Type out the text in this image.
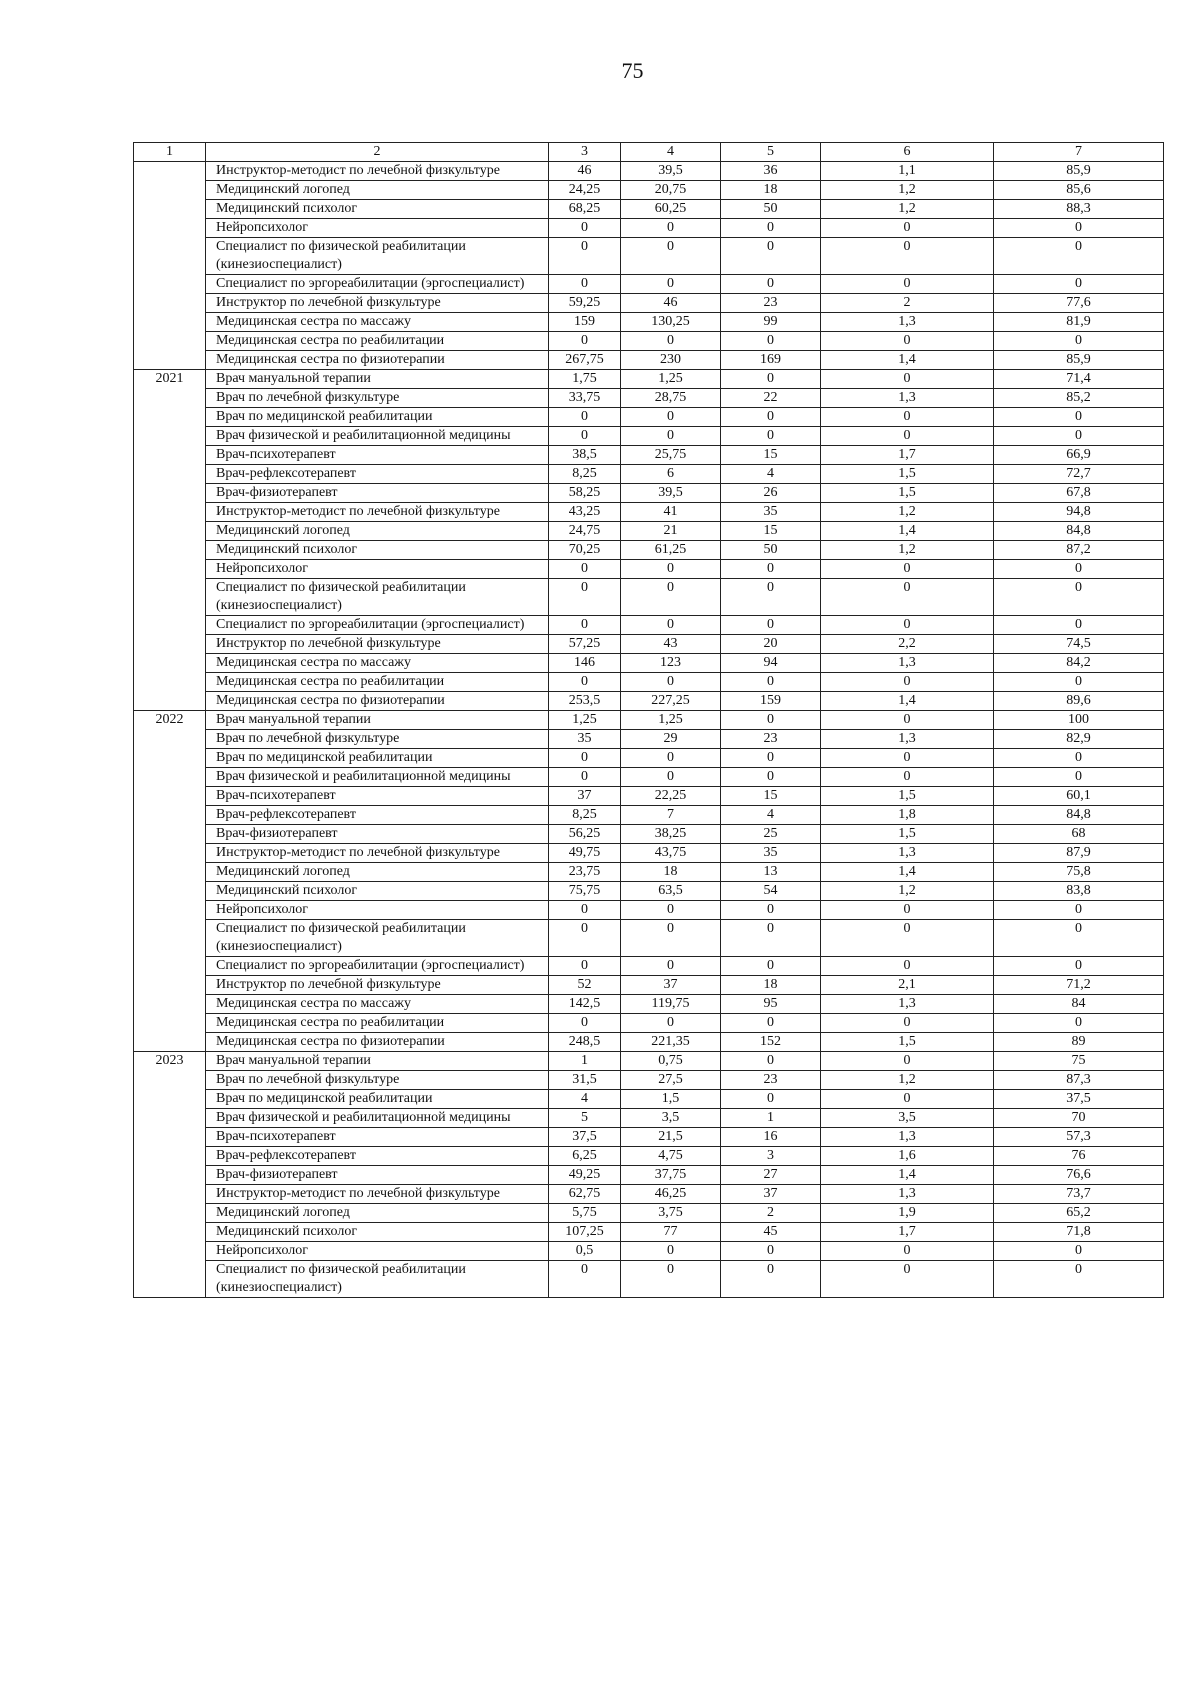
75
1	2	3	4	5	6	7
	Инструктор-методист по лечебной физкультуре	46	39,5	36	1,1	85,9
	Медицинский логопед	24,25	20,75	18	1,2	85,6
	Медицинский психолог	68,25	60,25	50	1,2	88,3
	Нейропсихолог	0	0	0	0	0
	Специалист по физической реабилитации (кинезиоспециалист)	0	0	0	0	0
	Специалист по эргореабилитации (эргоспециалист)	0	0	0	0	0
	Инструктор по лечебной физкультуре	59,25	46	23	2	77,6
	Медицинская сестра по массажу	159	130,25	99	1,3	81,9
	Медицинская сестра по реабилитации	0	0	0	0	0
	Медицинская сестра по физиотерапии	267,75	230	169	1,4	85,9
2021	Врач мануальной терапии	1,75	1,25	0	0	71,4
	Врач по лечебной физкультуре	33,75	28,75	22	1,3	85,2
	Врач по медицинской реабилитации	0	0	0	0	0
	Врач физической и реабилитационной медицины	0	0	0	0	0
	Врач-психотерапевт	38,5	25,75	15	1,7	66,9
	Врач-рефлексотерапевт	8,25	6	4	1,5	72,7
	Врач-физиотерапевт	58,25	39,5	26	1,5	67,8
	Инструктор-методист по лечебной физкультуре	43,25	41	35	1,2	94,8
	Медицинский логопед	24,75	21	15	1,4	84,8
	Медицинский психолог	70,25	61,25	50	1,2	87,2
	Нейропсихолог	0	0	0	0	0
	Специалист по физической реабилитации (кинезиоспециалист)	0	0	0	0	0
	Специалист по эргореабилитации (эргоспециалист)	0	0	0	0	0
	Инструктор по лечебной физкультуре	57,25	43	20	2,2	74,5
	Медицинская сестра по массажу	146	123	94	1,3	84,2
	Медицинская сестра по реабилитации	0	0	0	0	0
	Медицинская сестра по физиотерапии	253,5	227,25	159	1,4	89,6
2022	Врач мануальной терапии	1,25	1,25	0	0	100
	Врач по лечебной физкультуре	35	29	23	1,3	82,9
	Врач по медицинской реабилитации	0	0	0	0	0
	Врач физической и реабилитационной медицины	0	0	0	0	0
	Врач-психотерапевт	37	22,25	15	1,5	60,1
	Врач-рефлексотерапевт	8,25	7	4	1,8	84,8
	Врач-физиотерапевт	56,25	38,25	25	1,5	68
	Инструктор-методист по лечебной физкультуре	49,75	43,75	35	1,3	87,9
	Медицинский логопед	23,75	18	13	1,4	75,8
	Медицинский психолог	75,75	63,5	54	1,2	83,8
	Нейропсихолог	0	0	0	0	0
	Специалист по физической реабилитации (кинезиоспециалист)	0	0	0	0	0
	Специалист по эргореабилитации (эргоспециалист)	0	0	0	0	0
	Инструктор по лечебной физкультуре	52	37	18	2,1	71,2
	Медицинская сестра по массажу	142,5	119,75	95	1,3	84
	Медицинская сестра по реабилитации	0	0	0	0	0
	Медицинская сестра по физиотерапии	248,5	221,35	152	1,5	89
2023	Врач мануальной терапии	1	0,75	0	0	75
	Врач по лечебной физкультуре	31,5	27,5	23	1,2	87,3
	Врач по медицинской реабилитации	4	1,5	0	0	37,5
	Врач физической и реабилитационной медицины	5	3,5	1	3,5	70
	Врач-психотерапевт	37,5	21,5	16	1,3	57,3
	Врач-рефлексотерапевт	6,25	4,75	3	1,6	76
	Врач-физиотерапевт	49,25	37,75	27	1,4	76,6
	Инструктор-методист по лечебной физкультуре	62,75	46,25	37	1,3	73,7
	Медицинский логопед	5,75	3,75	2	1,9	65,2
	Медицинский психолог	107,25	77	45	1,7	71,8
	Нейропсихолог	0,5	0	0	0	0
	Специалист по физической реабилитации (кинезиоспециалист)	0	0	0	0	0
